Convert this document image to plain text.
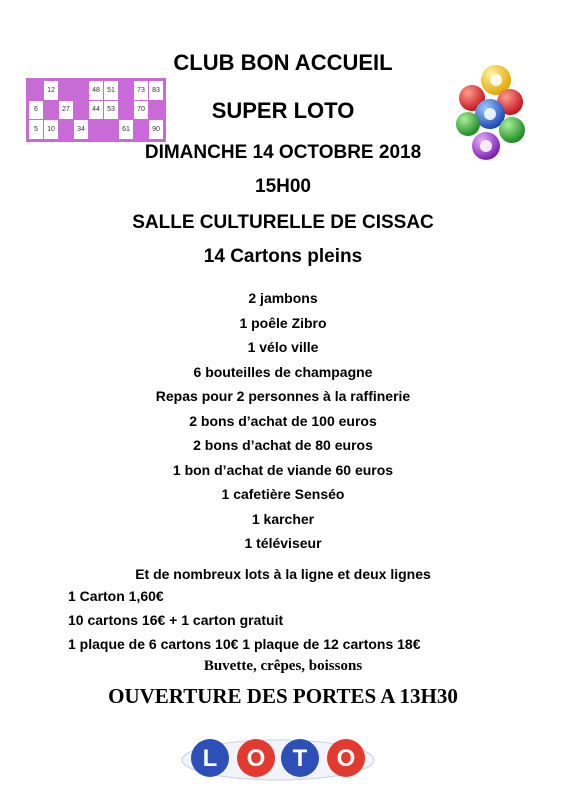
	12			48	51		73	83
6		27		44	53		70	
5	10		34			61		90
CLUB BON ACCUEIL
SUPER LOTO
DIMANCHE 14 OCTOBRE 2018
15H00
SALLE CULTURELLE DE CISSAC
14 Cartons pleins
2 jambons
1 poêle Zibro
1 vélo ville
6 bouteilles de champagne
Repas pour 2 personnes à la raffinerie
2 bons d’achat de 100 euros
2 bons d’achat de 80 euros
1 bon d’achat de viande 60 euros
1 cafetière Senséo
1 karcher
1 téléviseur
Et de nombreux lots à la ligne et deux lignes
1 Carton 1,60€
10 cartons 16€ + 1 carton gratuit
1 plaque de 6 cartons 10€ 1 plaque de 12 cartons 18€
Buvette, crêpes, boissons
OUVERTURE DES PORTES A 13H30
L O T O
